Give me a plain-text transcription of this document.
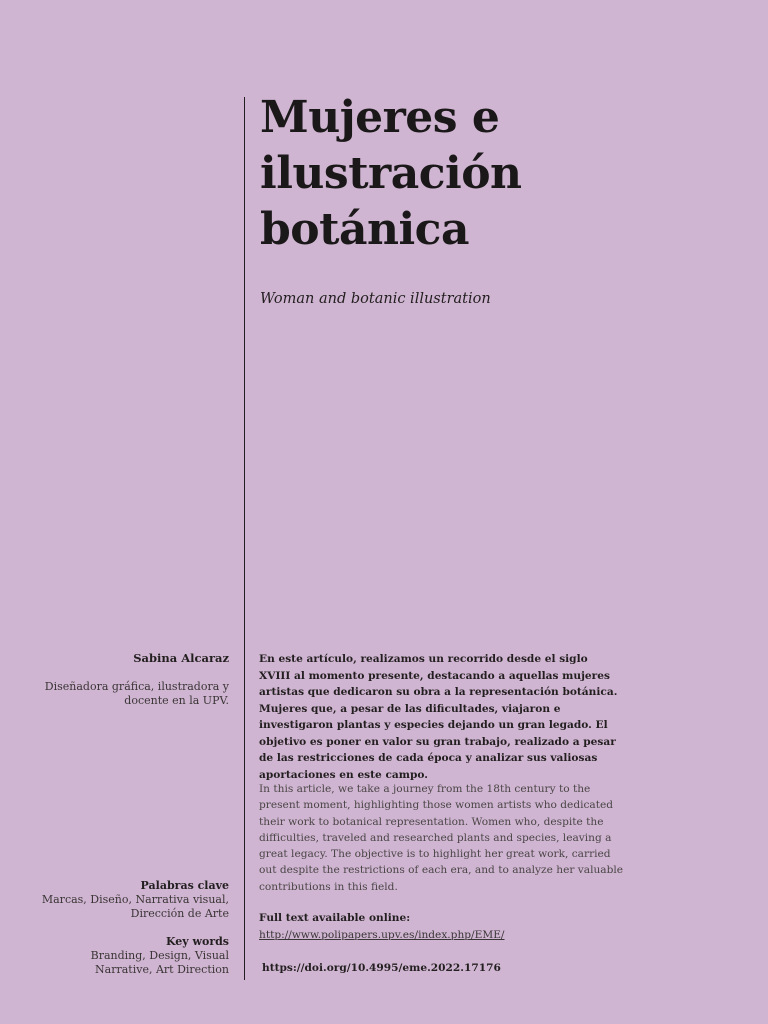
Mujeres e
ilustración
botánica

Woman and botanic illustration

Sabina Alcaraz
Diseñadora gráfica, ilustradora y docente en la UPV.
Palabras clave
Marcas, Diseño, Narrativa visual, Dirección de Arte
Key words
Branding, Design, Visual Narrative, Art Direction

En este artículo, realizamos un recorrido desde el siglo XVIII al momento presente, destacando a aquellas mujeres artistas que dedicaron su obra a la representación botánica. Mujeres que, a pesar de las dificultades, viajaron e investigaron plantas y especies dejando un gran legado. El objetivo es poner en valor su gran trabajo, realizado a pesar de las restricciones de cada época y analizar sus valiosas aportaciones en este campo.

In this article, we take a journey from the 18th century to the present moment, highlighting those women artists who dedicated their work to botanical representation. Women who, despite the difficulties, traveled and researched plants and species, leaving a great legacy. The objective is to highlight her great work, carried out despite the restrictions of each era, and to analyze her valuable contributions in this field.

Full text available online:
http://www.polipapers.upv.es/index.php/EME/
https://doi.org/10.4995/eme.2022.17176
